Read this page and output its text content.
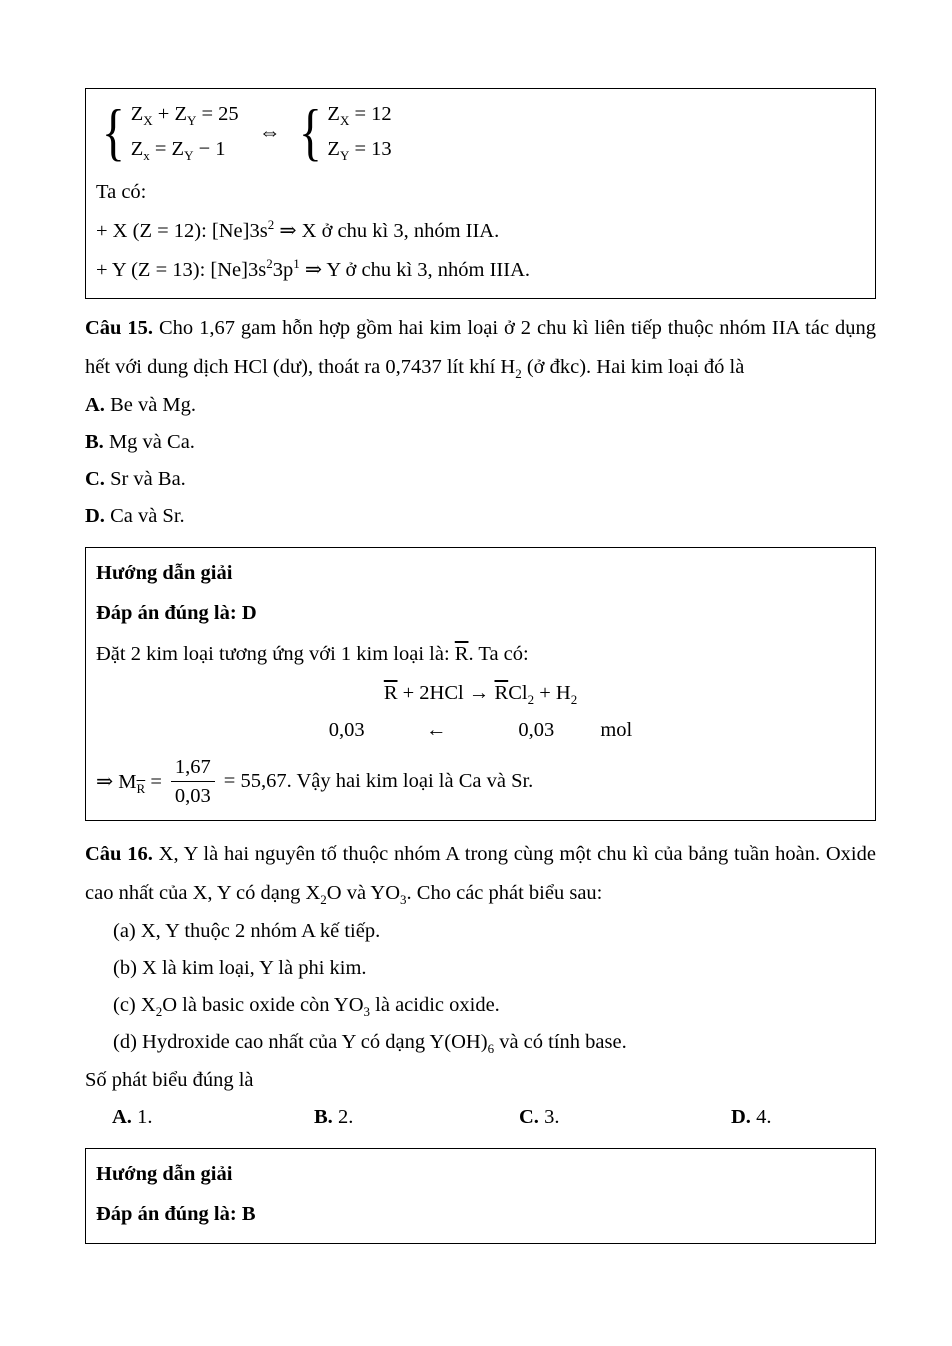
{ $Z_X + Z_Y = 25$
$Z_x = Z_Y - 1$
⇔ { $Z_X = 12$
$Z_Y = 13$

Ta có:

+ X (Z = 12): $[Ne]3s^2$ ⇒ X ở chu kì 3, nhóm IIA.

+ Y (Z = 13): $[Ne]3s^23p^1$ ⇒ Y ở chu kì 3, nhóm IIIA.

Câu 15. Cho 1,67 gam hỗn hợp gồm hai kim loại ở 2 chu kì liên tiếp thuộc nhóm IIA tác dụng hết với dung dịch HCl (dư), thoát ra 0,7437 lít khí $H_2$ (ở đkc). Hai kim loại đó là

A. Be và Mg.

B. Mg và Ca.

C. Sr và Ba.

D. Ca và Sr.

Hướng dẫn giải

Đáp án đúng là: D

Đặt 2 kim loại tương ứng với 1 kim loại là: $\overline{R}$. Ta có:

$\overline{R} + 2HCl \to \overline{R}Cl_2 + H_2$

0,03            ←              0,03         mol

⇒ $M_{\overline{R}} = \frac{1,67}{0,03} = 55,67$. Vậy hai kim loại là Ca và Sr.

Câu 16. X, Y là hai nguyên tố thuộc nhóm A trong cùng một chu kì của bảng tuần hoàn. Oxide cao nhất của X, Y có dạng $X_2O$ và $YO_3$. Cho các phát biểu sau:

(a) X, Y thuộc 2 nhóm A kế tiếp.

(b) X là kim loại, Y là phi kim.

(c) $X_2O$ là basic oxide còn $YO_3$ là acidic oxide.

(d) Hydroxide cao nhất của Y có dạng $Y(OH)_6$ và có tính base.

Số phát biểu đúng là

A. 1.	B. 2.	C. 3.	D. 4.

Hướng dẫn giải

Đáp án đúng là: B
